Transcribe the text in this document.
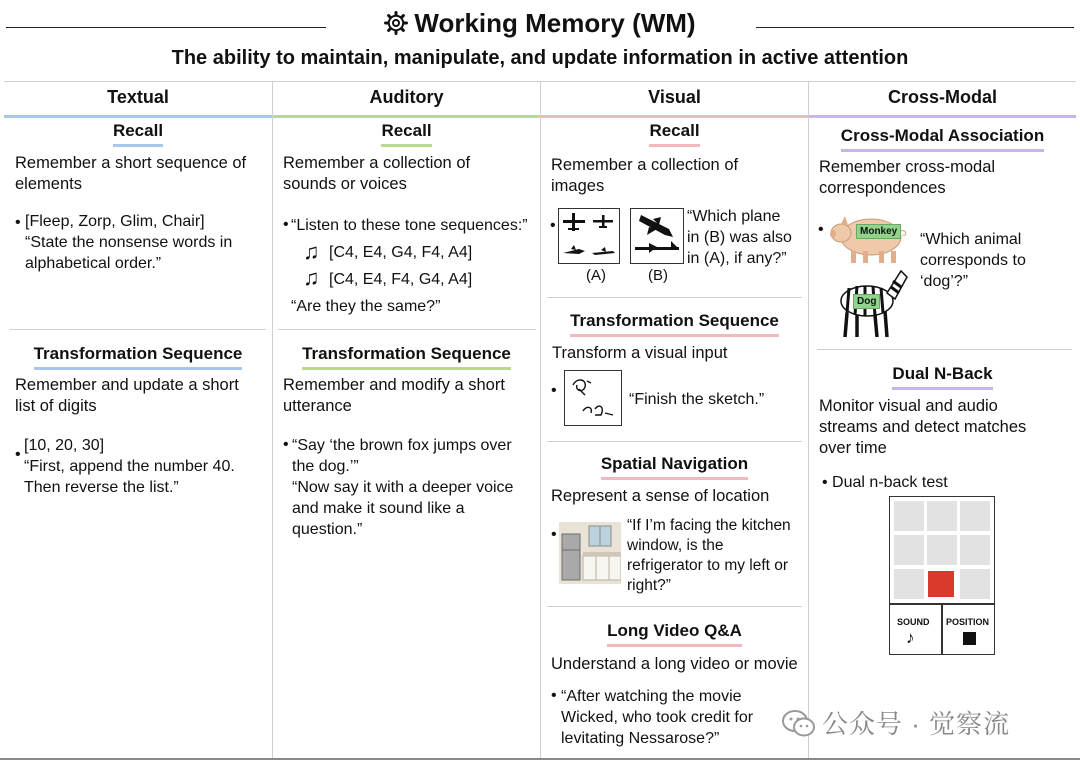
Working Memory (WM)
The ability to maintain, manipulate, and update information in active attention
Textual
Recall
Remember a short sequence of
elements
• [Fleep, Zorp, Glim, Chair]
“State the nonsense words in
alphabetical order.”
Transformation Sequence
Remember and update a short
list of digits
•
[10, 20, 30]
“First, append the number 40.
Then reverse the list.”
Auditory
Recall
Remember a collection of
sounds or voices
• “Listen to these tone sequences:”
♫ [C4, E4, G4, F4, A4]
♫ [C4, E4, F4, G4, A4]
“Are they the same?”
Transformation Sequence
Remember and modify a short
utterance
• “Say ‘the brown fox jumps over
the dog.’”
“Now say it with a deeper voice
and make it sound like a
question.”
Visual
Recall
Remember a collection of
images
•
(A)	(B)
“Which plane
in (B) was also
in (A), if any?”
Transformation Sequence
Transform a visual input
•
“Finish the sketch.”
Spatial Navigation
Represent a sense of location
•
“If I’m facing the kitchen
window, is the
refrigerator to my left or
right?”
Long Video Q&A
Understand a long video or movie
• “After watching the movie
Wicked, who took credit for
levitating Nessarose?”
Cross-Modal
Cross-Modal Association
Remember cross-modal
correspondences
•	Monkey
Dog
“Which animal
corresponds to
‘dog’?”
Dual N-Back
Monitor visual and audio
streams and detect matches
over time
• Dual n-back test
SOUND
♪
POSITION
公众号 · 觉察流
